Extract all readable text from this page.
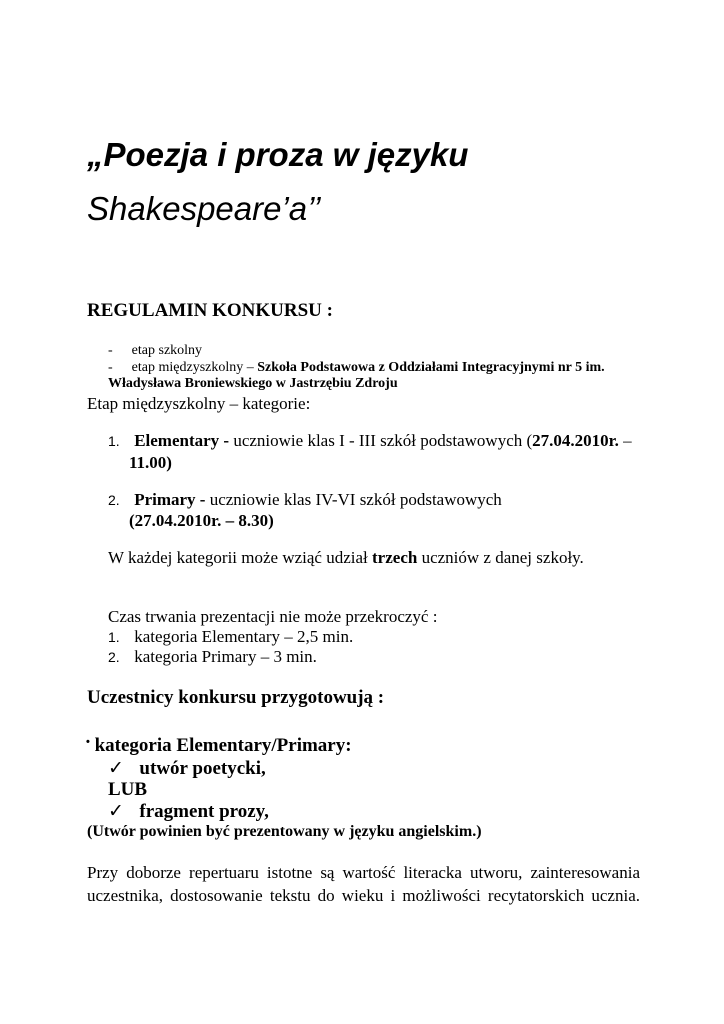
„Poezja i proza w języku
Shakespeare’a’’
REGULAMIN KONKURSU :
- etap szkolny
- etap międzyszkolny – Szkoła Podstawowa z Oddziałami Integracyjnymi nr 5 im.
Władysława Broniewskiego w Jastrzębiu Zdroju
Etap międzyszkolny – kategorie:
1. Elementary - uczniowie klas I - III szkół podstawowych (27.04.2010r. –
11.00)
2. Primary - uczniowie klas IV-VI szkół podstawowych
(27.04.2010r. – 8.30)
W każdej kategorii może wziąć udział trzech uczniów z danej szkoły.
Czas trwania prezentacji nie może przekroczyć :
1. kategoria Elementary – 2,5 min.
2. kategoria Primary – 3 min.
Uczestnicy konkursu przygotowują :
• kategoria Elementary/Primary:
✓ utwór poetycki,
LUB
✓ fragment prozy,
(Utwór powinien być prezentowany w języku angielskim.)
Przy doborze repertuaru istotne są wartość literacka utworu, zainteresowania
uczestnika, dostosowanie tekstu do wieku i możliwości recytatorskich ucznia.
